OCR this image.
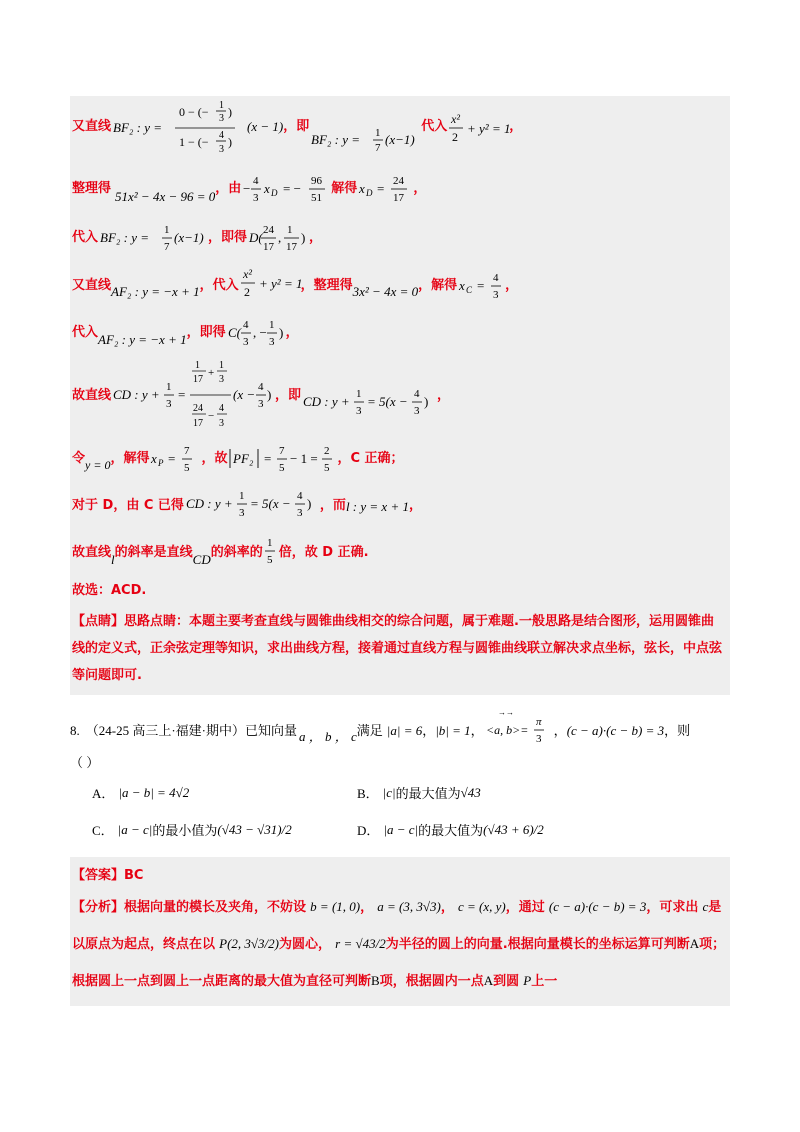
又直线 BF₂ : y =
0 − (− 1
3 )
1 − (− 4
3
)
(x − 1) ，即
BF₂ : y = 1
7
(x−1)
代入 x²
2
+ y² = 1
，
整理得
51x² − 4x − 96 = 0
，由 − 4
3
x D = − 96
51
解得 x D = 24
17
，
代入 BF₂ : y = 1
7
(x−1) ，即得 D( 24
17
, 1
17
) ，
又直线 AF₂ : y = −x + 1 ，代入
x²
2
+ y² = 1
，整理得 3x² − 4x = 0 ，解得 x C = 4
3
，
代入 AF₂ : y = −x + 1 ，即得 C( 4
3
, − 1
3
) ，
故直线 CD : y + 1
3
=
1
17
+
1
3
24
17
−
4
3
(x − 4
3
) ，即 CD : y + 1
3
= 5(x − 4
3
) ，
令 y = 0 ，解得 x P = 7
5
，故 PF₂ = 7
5
− 1 = 2
5
，C 正确；
对于 D，由 C 已得 CD : y + 1
3
= 5(x − 4
3
) ，而 l : y = x + 1 ，
故直线 l 的斜率是直线 CD 的斜率的
1
5 倍，故 D 正确.
故选：ACD.
【点睛】思路点睛：本题主要考查直线与圆锥曲线相交的综合问题，属于难题.一般思路是结合图形，运用圆锥曲线的定义式，正余弦定理等知识，求出曲线方程，接着通过直线方程与圆锥曲线联立解决求点坐标，弦长，中点弦等问题即可.
8. （24-25 高三上·福建·期中）已知向量 a ， b ， c 满足 |a| = 6 ， |b| = 1 ，
→→
<a, b>=
π
3
， (c − a)·(c − b) = 3 ，则
（ ）
A． |a − b| = 4√2	B． |c| 的最大值为 √43
C． |a − c| 的最小值为 (√43 − √31)/2	D． |a − c| 的最大值为 (√43 + 6)/2
【答案】 BC
【分析】根据向量的模长及夹角，不妨设 b = (1, 0)， a = (3, 3√3)， c = (x, y)，通过 (c − a)·(c − b) = 3，可求出 c是以原点为起点，终点在以 P(2, 3√3/2)为圆心， r = √43/2为半径的圆上的向量.根据向量模长的坐标运算可判断A项；根据圆上一点到圆上一点距离的最大值为直径可判断B项，根据圆内一点A到圆 P上一
